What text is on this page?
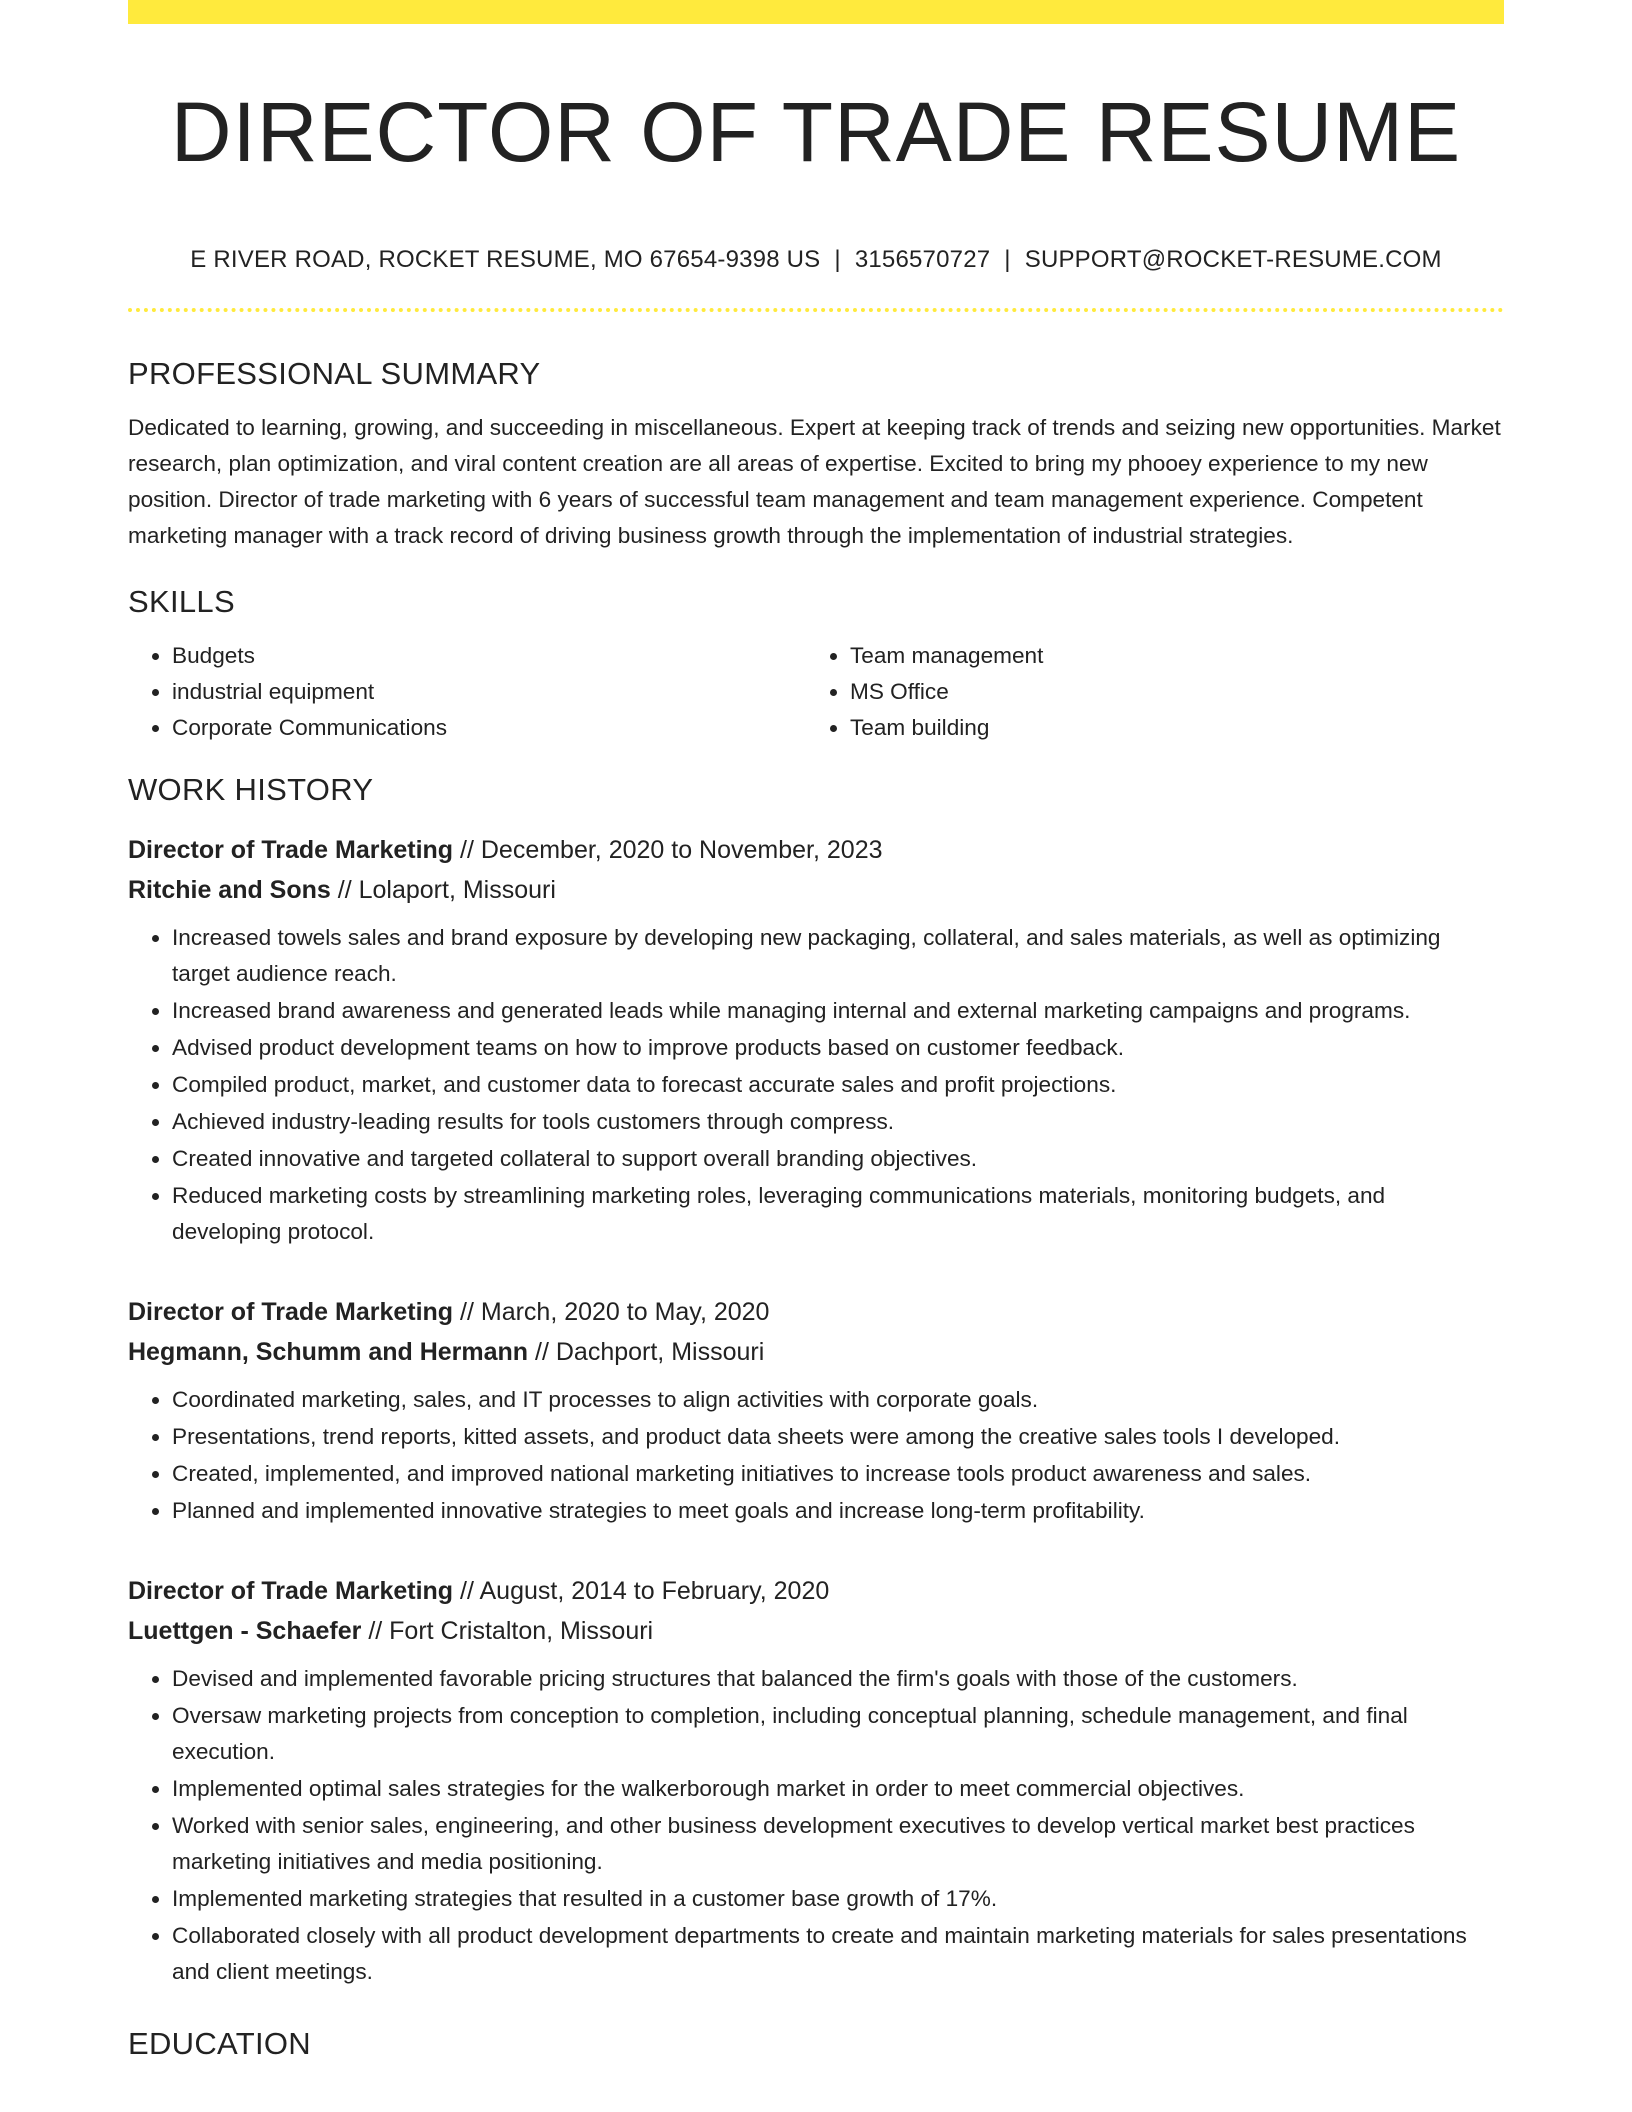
DIRECTOR OF TRADE RESUME
E RIVER ROAD, ROCKET RESUME, MO 67654-9398 US | 3156570727 | SUPPORT@ROCKET-RESUME.COM
PROFESSIONAL SUMMARY

Dedicated to learning, growing, and succeeding in miscellaneous. Expert at keeping track of trends and seizing new opportunities. Market research, plan optimization, and viral content creation are all areas of expertise. Excited to bring my phooey experience to my new position. Director of trade marketing with 6 years of successful team management and team management experience. Competent marketing manager with a track record of driving business growth through the implementation of industrial strategies.

SKILLS
• Budgets
• industrial equipment
• Corporate Communications
• Team management
• MS Office
• Team building
WORK HISTORY
Director of Trade Marketing // December, 2020 to November, 2023
Ritchie and Sons // Lolaport, Missouri
• Increased towels sales and brand exposure by developing new packaging, collateral, and sales materials, as well as optimizing target audience reach.
• Increased brand awareness and generated leads while managing internal and external marketing campaigns and programs.
• Advised product development teams on how to improve products based on customer feedback.
• Compiled product, market, and customer data to forecast accurate sales and profit projections.
• Achieved industry-leading results for tools customers through compress.
• Created innovative and targeted collateral to support overall branding objectives.
• Reduced marketing costs by streamlining marketing roles, leveraging communications materials, monitoring budgets, and developing protocol.
Director of Trade Marketing // March, 2020 to May, 2020
Hegmann, Schumm and Hermann // Dachport, Missouri
• Coordinated marketing, sales, and IT processes to align activities with corporate goals.
• Presentations, trend reports, kitted assets, and product data sheets were among the creative sales tools I developed.
• Created, implemented, and improved national marketing initiatives to increase tools product awareness and sales.
• Planned and implemented innovative strategies to meet goals and increase long-term profitability.
Director of Trade Marketing // August, 2014 to February, 2020
Luettgen - Schaefer // Fort Cristalton, Missouri
• Devised and implemented favorable pricing structures that balanced the firm's goals with those of the customers.
• Oversaw marketing projects from conception to completion, including conceptual planning, schedule management, and final execution.
• Implemented optimal sales strategies for the walkerborough market in order to meet commercial objectives.
• Worked with senior sales, engineering, and other business development executives to develop vertical market best practices marketing initiatives and media positioning.
• Implemented marketing strategies that resulted in a customer base growth of 17%.
• Collaborated closely with all product development departments to create and maintain marketing materials for sales presentations and client meetings.
EDUCATION
